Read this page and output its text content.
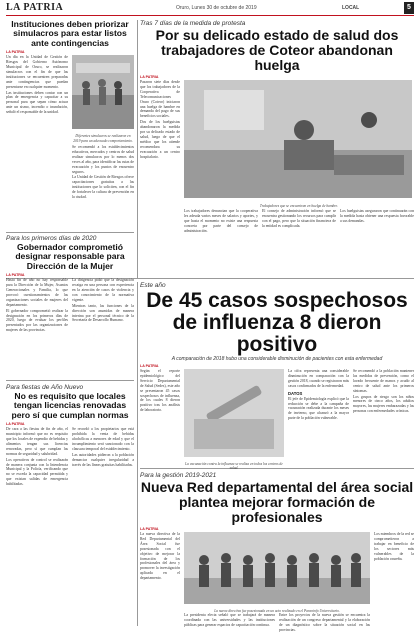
LA PATRIA	Oruro, Lunes 30 de octubre de 2019	LOCAL	5
Instituciones deben priorizar simulacros para estar listos ante contingencias
LA PATRIA

Un día en la Unidad de Gestión de Riesgos del Gobierno Autónomo Municipal de Oruro, se realizaron simulacros con el fin de que las instituciones se encuentren preparadas ante contingencias que puedan presentarse en cualquier momento.

Las instituciones deben contar con un plan de emergencia y capacitar a su personal para que sepan cómo actuar ante un sismo, incendio o inundación, señaló el responsable de la unidad.

Diferentes simulacros se realizaron en 2019 para un adecuado comportamiento.

Se recomendó a los establecimientos educativos, mercados y centros de salud realizar simulacros por lo menos dos veces al año, para identificar las rutas de evacuación y los puntos de encuentro seguros.

La Unidad de Gestión de Riesgos ofrece capacitaciones gratuitas a las instituciones que lo soliciten, con el fin de fortalecer la cultura de prevención en la ciudad.

Para los primeros días de 2020
Gobernador comprometió designar responsable para Dirección de la Mujer
LA PATRIA

Hasta fin de año no hay responsable para la Dirección de la Mujer, Asuntos Generacionales y Familia, lo que provocó cuestionamientos de las organizaciones sociales de mujeres del departamento.

El gobernador comprometió realizar la designación en los primeros días de 2020, luego de evaluar los perfiles presentados por las organizaciones de mujeres de las provincias.

La dirigencia pidió que la designación recaiga en una persona con experiencia en la atención de casos de violencia y con conocimiento de la normativa vigente.

Mientras tanto, las funciones de la dirección son asumidas de manera interina por el personal técnico de la Secretaría de Desarrollo Humano.

Para fiestas de Año Nuevo
No es requisito que locales tengan licencias renovadas pero sí que cumplan normas
LA PATRIA

De cara a las fiestas de fin de año, el municipio informó que no es requisito que los locales de expendio de bebidas y alimentos tengan sus licencias renovadas, pero sí que cumplan las normas de seguridad y salubridad.

Los operativos de control se realizarán de manera conjunta con la Intendencia Municipal y la Policía, verificando que no se exceda la capacidad permitida y que existan salidas de emergencia habilitadas.

Se recordó a los propietarios que está prohibida la venta de bebidas alcohólicas a menores de edad y que el incumplimiento será sancionado con la clausura temporal del establecimiento.

Las autoridades pidieron a la población denunciar cualquier irregularidad a través de las líneas gratuitas habilitadas.

Tras 7 días de la medida de protesta
Por su delicado estado de salud dos trabajadores de Coteor abandonan huelga
LA PATRIA

Pasaron siete días desde que los trabajadores de la Cooperativa de Telecomunicaciones Oruro (Coteor) iniciaron una huelga de hambre en demanda del pago de sus beneficios sociales.

Dos de los huelguistas abandonaron la medida por su delicado estado de salud, luego de que el médico que los atiende recomendara su evacuación a un centro hospitalario.

Trabajadores que se encuentran en huelga de hambre.

Los trabajadores denuncian que la cooperativa les adeuda varios meses de salarios y aportes, y que hasta el momento no existe una respuesta concreta por parte del consejo de administración.

El consejo de administración informó que se encuentra gestionando los recursos para cumplir con el pago, pero que la situación financiera de la entidad es complicada.

Los huelguistas aseguraron que continuarán con la medida hasta obtener una respuesta favorable a sus demandas.

Este año
De 45 casos sospechosos de influenza 8 dieron positivo
A comparación de 2018 hubo una considerable disminución de pacientes con esta enfermedad
LA PATRIA

Según el reporte epidemiológico del Servicio Departamental de Salud (Sedes), este año se presentaron 45 casos sospechosos de influenza, de los cuales 8 dieron positivo tras los análisis de laboratorio.

La vacunación contra la influenza se realiza en todos los centros de salud.

La cifra representa una considerable disminución en comparación con la gestión 2018, cuando se registraron más casos confirmados de la enfermedad.

DATOS

El jefe de Epidemiología explicó que la reducción se debe a la campaña de vacunación realizada durante los meses de invierno, que alcanzó a la mayor parte de la población vulnerable.

Se recomendó a la población mantener las medidas de prevención, como el lavado frecuente de manos y acudir al centro de salud ante los primeros síntomas.

Los grupos de riesgo son los niños menores de cinco años, los adultos mayores, las mujeres embarazadas y las personas con enfermedades crónicas.

Para la gestión 2019-2021
Nueva Red departamental del área social plantea mejorar formación de profesionales
LA PATRIA

La nueva directiva de la Red Departamental del Área Social fue posesionada con el objetivo de mejorar la formación de los profesionales del área y promover la investigación aplicada en el departamento.

La nueva directiva fue posesionada en un acto realizado en el Paraninfo Universitario.

La presidenta electa señaló que se trabajará de manera coordinada con las universidades y las instituciones públicas para generar espacios de capacitación continua.

Entre los proyectos de la nueva gestión se encuentra la realización de un congreso departamental y la elaboración de un diagnóstico sobre la situación social en las provincias.

Los miembros de la red se comprometieron a trabajar en beneficio de los sectores más vulnerables de la población orureña.
